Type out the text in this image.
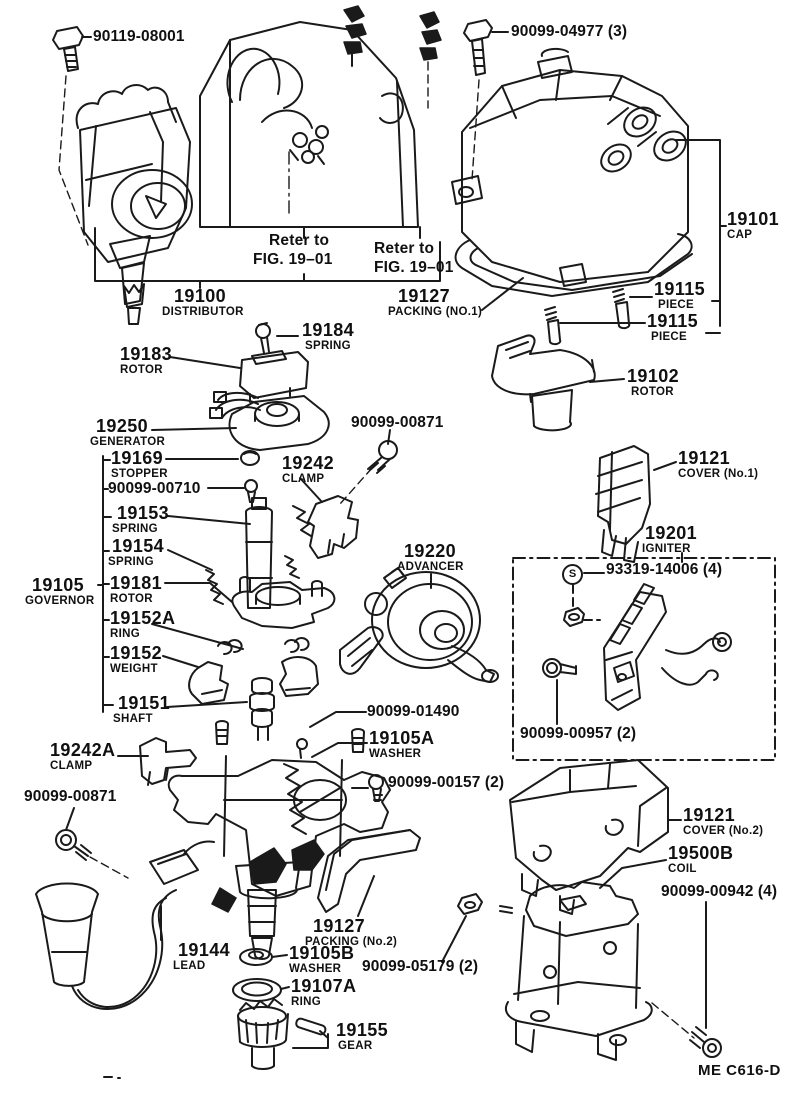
90119-08001	90099-04977 (3)
19101
CAP
19100
DISTRIBUTOR
19127
PACKING (NO.1)
19115
PIECE
19115
PIECE
19184
SPRING
19183
ROTOR	19102
ROTOR
19250
GENERATOR
90099-00871
19169
STOPPER
19242
CLAMP
90099-00710
19153
SPRING
19154
SPRING
19105
GOVERNOR
19181
ROTOR
19220
ADVANCER
19121
COVER (No.1)
19201
IGNITER
93319-14006 (4)
19152A
RING
19152
WEIGHT
19151
SHAFT	90099-01490
19105A
WASHER
90099-00957 (2)
19242A
CLAMP
90099-00157 (2)
90099-00871
19121
COVER (No.2)
19500B
COIL
90099-00942 (4)
19127
PACKING (No.2)
19144
LEAD
19105B
WASHER	90099-05179 (2)
19107A
RING
19155
GEAR
Reter to
FIG. 19–01
Reter to
FIG. 19–01
S
ME C616-D
